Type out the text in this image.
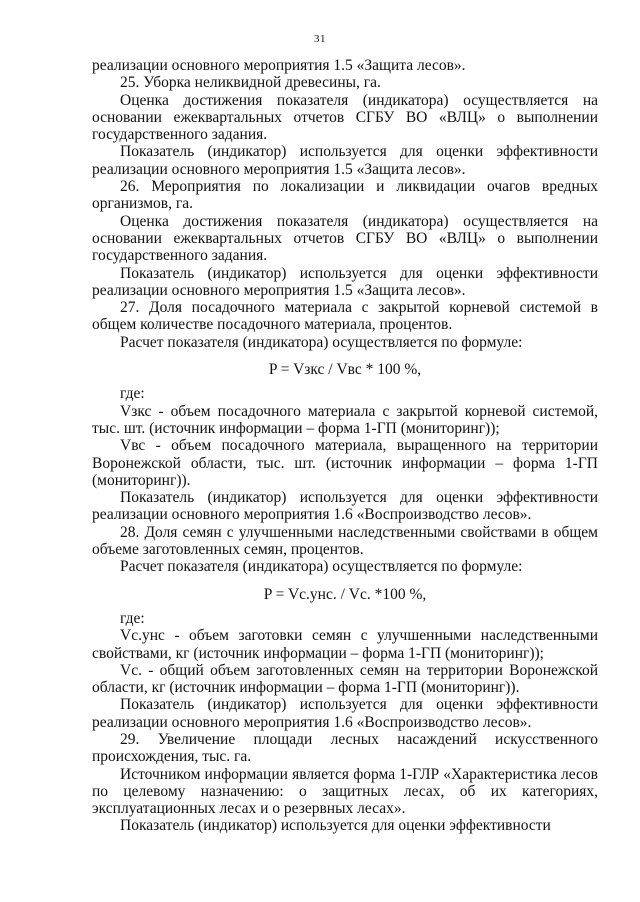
31

реализации основного мероприятия 1.5 «Защита лесов».

25. Уборка неликвидной древесины, га.

Оценка достижения показателя (индикатора) осуществляется на основании ежеквартальных отчетов СГБУ ВО «ВЛЦ» о выполнении государственного задания.

Показатель (индикатор) используется для оценки эффективности реализации основного мероприятия 1.5 «Защита лесов».

26. Мероприятия по локализации и ликвидации очагов вредных организмов, га.

Оценка достижения показателя (индикатора) осуществляется на основании ежеквартальных отчетов СГБУ ВО «ВЛЦ» о выполнении государственного задания.

Показатель (индикатор) используется для оценки эффективности реализации основного мероприятия 1.5 «Защита лесов».

27. Доля посадочного материала с закрытой корневой системой в общем количестве посадочного материала, процентов.

Расчет показателя (индикатора) осуществляется по формуле:

P = Vзкс / Vвс * 100 %,

где:

Vзкс - объем посадочного материала с закрытой корневой системой, тыс. шт. (источник информации – форма 1-ГП (мониторинг));

Vвс - объем посадочного материала, выращенного на территории Воронежской области, тыс. шт. (источник информации – форма 1-ГП (мониторинг)).

Показатель (индикатор) используется для оценки эффективности реализации основного мероприятия 1.6 «Воспроизводство лесов».

28. Доля семян с улучшенными наследственными свойствами в общем объеме заготовленных семян, процентов.

Расчет показателя (индикатора) осуществляется по формуле:

P = Vс.унс. / Vс. *100 %,

где:

Vс.унс - объем заготовки семян с улучшенными наследственными свойствами, кг (источник информации – форма 1-ГП (мониторинг));

Vс. - общий объем заготовленных семян на территории Воронежской области, кг (источник информации – форма 1-ГП (мониторинг)).

Показатель (индикатор) используется для оценки эффективности реализации основного мероприятия 1.6 «Воспроизводство лесов».

29. Увеличение площади лесных насаждений искусственного происхождения, тыс. га.

Источником информации является форма 1-ГЛР «Характеристика лесов по целевому назначению: о защитных лесах, об их категориях, эксплуатационных лесах и о резервных лесах».

Показатель (индикатор) используется для оценки эффективности
